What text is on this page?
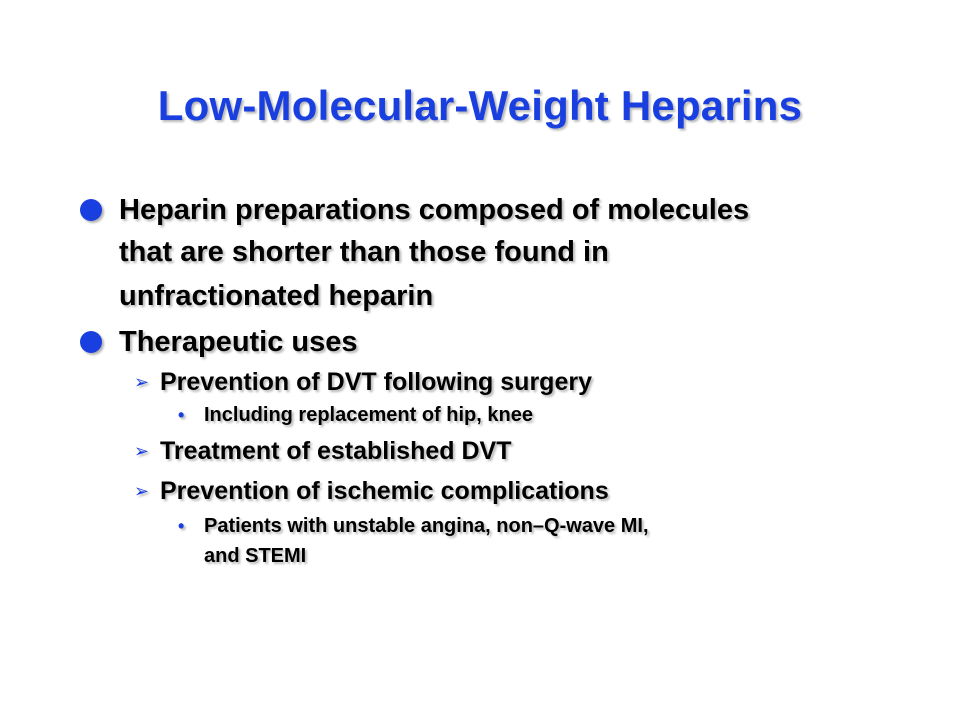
Low-Molecular-Weight Heparins
Heparin preparations composed of molecules
that are shorter than those found in
unfractionated heparin
Therapeutic uses
➢ Prevention of DVT following surgery
• Including replacement of hip, knee
➢ Treatment of established DVT
➢ Prevention of ischemic complications
• Patients with unstable angina, non–Q-wave MI,
and STEMI
